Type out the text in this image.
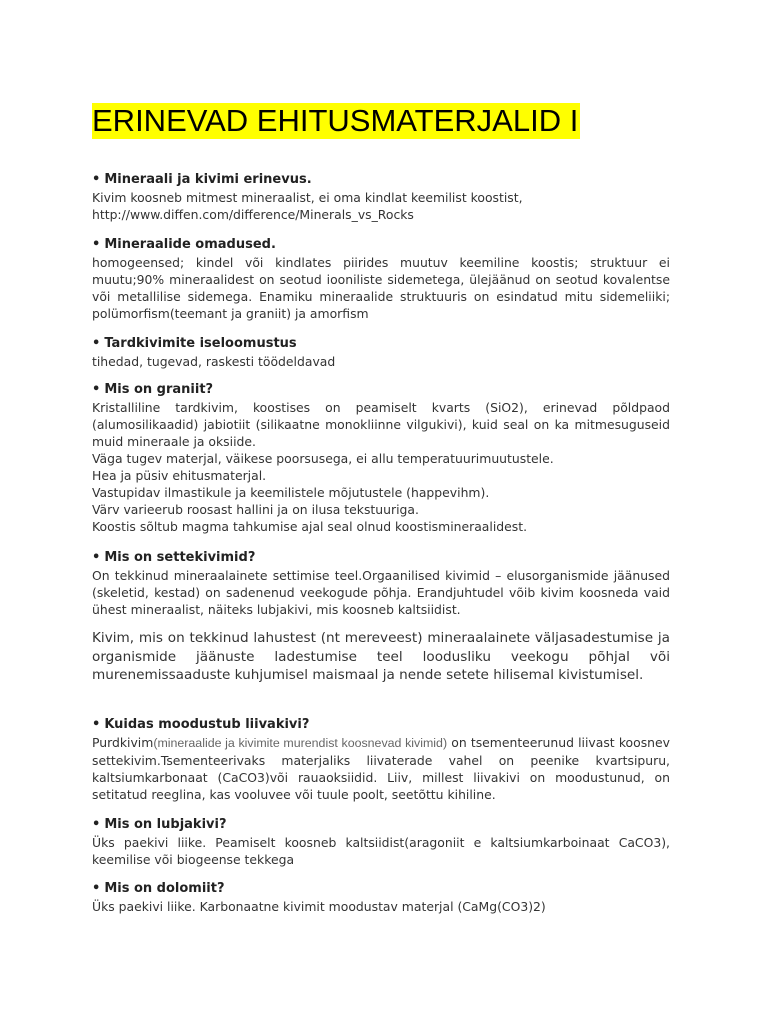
ERINEVAD EHITUSMATERJALID I
• Mineraali ja kivimi erinevus.
Kivim koosneb mitmest mineraalist, ei oma kindlat keemilist koostist,
http://www.diffen.com/difference/Minerals_vs_Rocks
• Mineraalide omadused.
homogeensed; kindel või kindlates piirides muutuv keemiline koostis; struktuur ei muutu;90% mineraalidest on seotud iooniliste sidemetega, ülejäänud on seotud kovalentse või metallilise sidemega. Enamiku mineraalide struktuuris on esindatud mitu sidemeliiki; polümorfism(teemant ja graniit) ja amorfism
• Tardkivimite iseloomustus
tihedad, tugevad, raskesti töödeldavad
• Mis on graniit?
Kristalliline tardkivim, koostises on peamiselt kvarts (SiO2), erinevad põldpaod (alumosilikaadid) jabiotiit (silikaatne monokliinne vilgukivi), kuid seal on ka mitmesuguseid muid mineraale ja oksiide.
Väga tugev materjal, väikese poorsusega, ei allu temperatuurimuutustele.
Hea ja püsiv ehitusmaterjal.
Vastupidav ilmastikule ja keemilistele mõjutustele (happevihm).
Värv varieerub roosast hallini ja on ilusa tekstuuriga.
Koostis sõltub magma tahkumise ajal seal olnud koostismineraalidest.
• Mis on settekivimid?
On tekkinud mineraalainete settimise teel.Orgaanilised kivimid – elusorganismide jäänused (skeletid, kestad) on sadenenud veekogude põhja. Erandjuhtudel võib kivim koosneda vaid ühest mineraalist, näiteks lubjakivi, mis koosneb kaltsiidist.
Kivim, mis on tekkinud lahustest (nt mereveest) mineraalainete väljasadestumise ja organismide jäänuste ladestumise teel loodusliku veekogu põhjal või murenemissaaduste kuhjumisel maismaal ja nende setete hilisemal kivistumisel.
• Kuidas moodustub liivakivi?
Purdkivim(mineraalide ja kivimite murendist koosnevad kivimid) on tsementeerunud liivast koosnev settekivim.Tsementeerivaks materjaliks liivaterade vahel on peenike kvartsipuru, kaltsiumkarbonaat (CaCO3)või rauaoksiidid. Liiv, millest liivakivi on moodustunud, on setitatud reeglina, kas vooluvee või tuule poolt, seetõttu kihiline.
• Mis on lubjakivi?
Üks paekivi liike. Peamiselt koosneb kaltsiidist(aragoniit e kaltsiumkarboinaat CaCO3), keemilise või biogeense tekkega
• Mis on dolomiit?
Üks paekivi liike. Karbonaatne kivimit moodustav materjal (CaMg(CO3)2)
